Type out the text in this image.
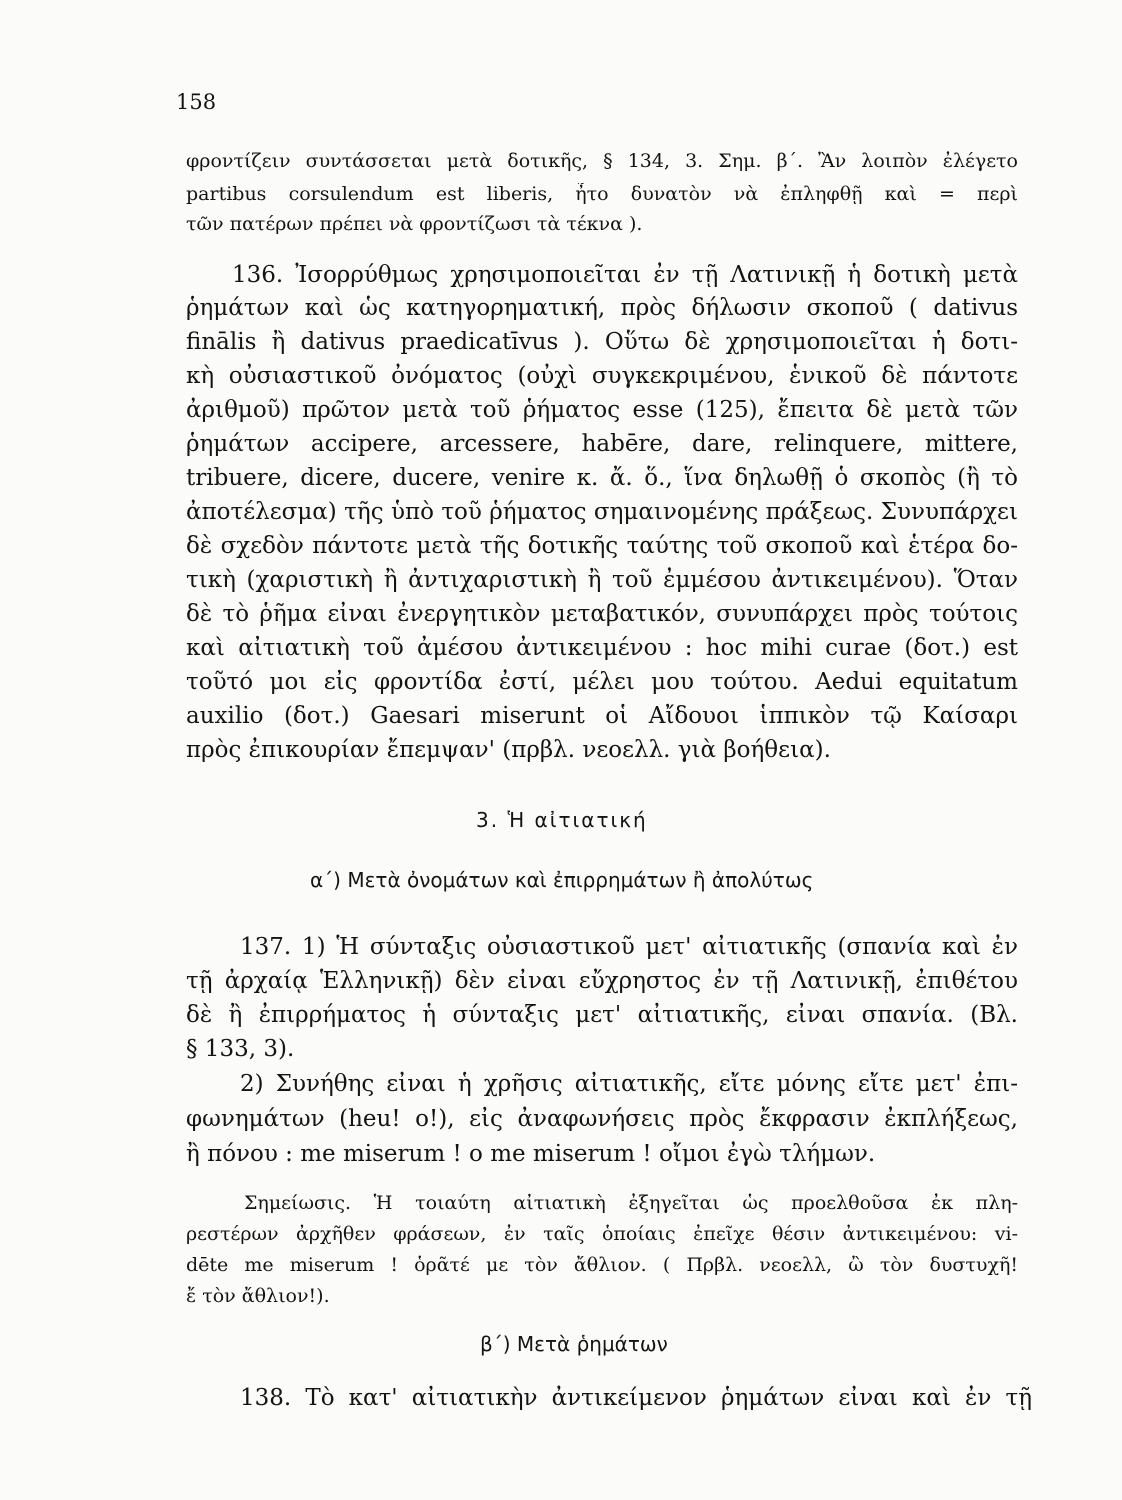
158
φροντίζειν συντάσσεται μετὰ δοτικῆς, § 134, 3. Σημ. β΄. Ἂν λοιπὸν ἐλέγετο
partibus corsulendum est liberis, ἦτο δυνατὸν νὰ ἐπληφθῇ καὶ = περὶ
τῶν πατέρων πρέπει νὰ φροντίζωσι τὰ τέκνα ).
136. Ἰσορρύθμως χρησιμοποιεῖται ἐν τῇ Λατινικῇ ἡ δοτικὴ μετὰ
ῥημάτων καὶ ὡς κατηγορηματική, πρὸς δήλωσιν σκοποῦ ( dativus
finālis ἢ dativus praedicatīvus ). Οὕτω δὲ χρησιμοποιεῖται ἡ δοτι-
κὴ οὐσιαστικοῦ ὀνόματος (οὐχὶ συγκεκριμένου, ἑνικοῦ δὲ πάντοτε
ἀριθμοῦ) πρῶτον μετὰ τοῦ ῥήματος esse (125), ἔπειτα δὲ μετὰ τῶν
ῥημάτων accipere, arcessere, habēre, dare, relinquere, mittere,
tribuere, dicere, ducere, venire κ. ἄ. ὅ., ἵνα δηλωθῇ ὁ σκοπὸς (ἢ τὸ
ἀποτέλεσμα) τῆς ὑπὸ τοῦ ῥήματος σημαινομένης πράξεως. Συνυπάρχει
δὲ σχεδὸν πάντοτε μετὰ τῆς δοτικῆς ταύτης τοῦ σκοποῦ καὶ ἑτέρα δο-
τικὴ (χαριστικὴ ἢ ἀντιχαριστικὴ ἢ τοῦ ἐμμέσου ἀντικειμένου). Ὅταν
δὲ τὸ ῥῆμα εἶναι ἐνεργητικὸν μεταβατικόν, συνυπάρχει πρὸς τούτοις
καὶ αἰτιατικὴ τοῦ ἀμέσου ἀντικειμένου : hoc mihi curae (δοτ.) est
τοῦτό μοι εἰς φροντίδα ἐστί, μέλει μου τούτου. Aedui equitatum
auxilio (δοτ.) Gaesari miserunt οἱ Αἴδουοι ἱππικὸν τῷ Καίσαρι
πρὸς ἐπικουρίαν ἔπεμψαν' (πρβλ. νεοελλ. γιὰ βοήθεια).
3. Ἡ αἰτιατική
α΄) Μετὰ ὀνομάτων καὶ ἐπιρρημάτων ἢ ἀπολύτως
137. 1) Ἡ σύνταξις οὐσιαστικοῦ μετ' αἰτιατικῆς (σπανία καὶ ἐν
τῇ ἀρχαίᾳ Ἑλληνικῇ) δὲν εἶναι εὔχρηστος ἐν τῇ Λατινικῇ, ἐπιθέτου
δὲ ἢ ἐπιρρήματος ἡ σύνταξις μετ' αἰτιατικῆς, εἶναι σπανία. (Βλ.
§ 133, 3).
2) Συνήθης εἶναι ἡ χρῆσις αἰτιατικῆς, εἴτε μόνης εἴτε μετ' ἐπι-
φωνημάτων (heu! o!), εἰς ἀναφωνήσεις πρὸς ἔκφρασιν ἐκπλήξεως,
ἢ πόνου : me miserum ! o me miserum ! οἴμοι ἐγὼ τλήμων.
Σημείωσις. Ἡ τοιαύτη αἰτιατικὴ ἐξηγεῖται ὡς προελθοῦσα ἐκ πλη-
ρεστέρων ἀρχῆθεν φράσεων, ἐν ταῖς ὁποίαις ἐπεῖχε θέσιν ἀντικειμένου: vi-
dēte me miserum ! ὁρᾶτέ με τὸν ἄθλιον. ( Πρβλ. νεοελλ, ὢ τὸν δυστυχῆ!
ἔ τὸν ἄθλιον!).
β΄) Μετὰ ῥημάτων
138. Τὸ κατ' αἰτιατικὴν ἀντικείμενον ῥημάτων εἶναι καὶ ἐν τῇ
